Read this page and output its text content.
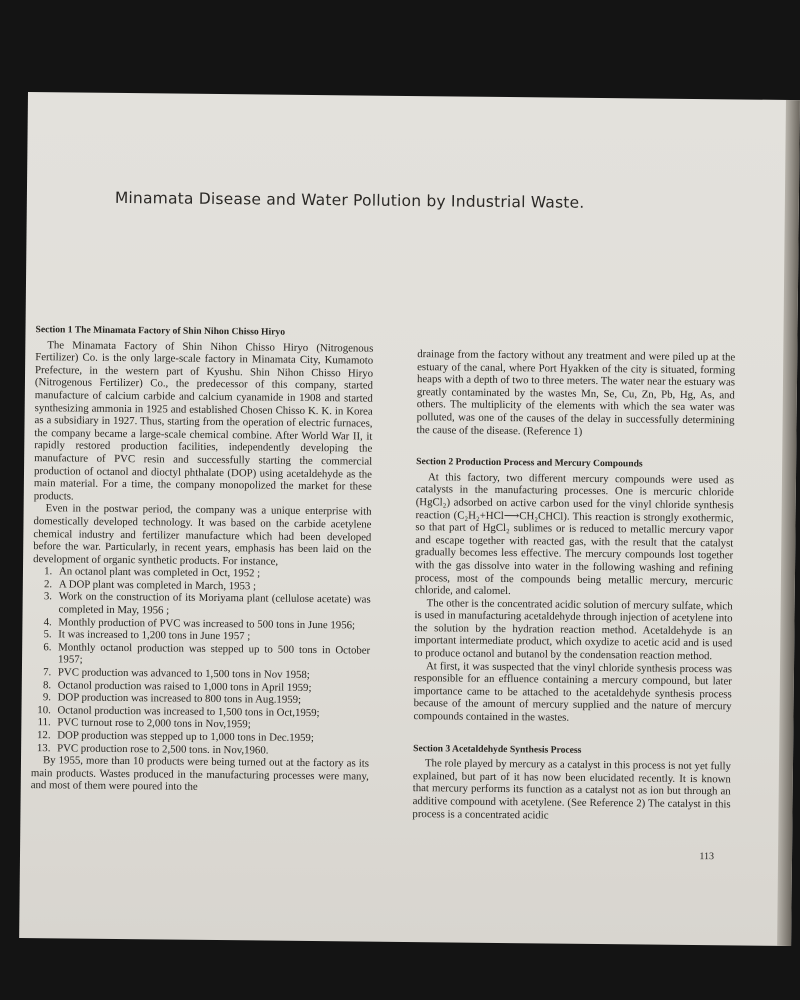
Minamata Disease and Water Pollution by Industrial Waste.
Section 1 The Minamata Factory of Shin Nihon Chisso Hiryo

The Minamata Factory of Shin Nihon Chisso Hiryo (Nitrogenous Fertilizer) Co. is the only large-scale factory in Minamata City, Kumamoto Prefecture, in the western part of Kyushu. Shin Nihon Chisso Hiryo (Nitrogenous Fertilizer) Co., the predecessor of this company, started manufacture of calcium carbide and calcium cyanamide in 1908 and started synthesizing ammonia in 1925 and established Chosen Chisso K. K. in Korea as a subsidiary in 1927. Thus, starting from the operation of electric furnaces, the company became a large-scale chemical combine. After World War II, it rapidly restored production facilities, independently developing the manufacture of PVC resin and successfully starting the commercial production of octanol and dioctyl phthalate (DOP) using acetaldehyde as the main material. For a time, the company monopolized the market for these products.

Even in the postwar period, the company was a unique enterprise with domestically developed technology. It was based on the carbide acetylene chemical industry and fertilizer manufacture which had been developed before the war. Particularly, in recent years, emphasis has been laid on the development of organic synthetic products. For instance,

1. An octanol plant was completed in Oct, 1952 ;
2. A DOP plant was completed in March, 1953 ;
3. Work on the construction of its Moriyama plant (cellulose acetate) was completed in May, 1956 ;
4. Monthly production of PVC was increased to 500 tons in June 1956;
5. It was increased to 1,200 tons in June 1957 ;
6. Monthly octanol production was stepped up to 500 tons in October 1957;
7. PVC production was advanced to 1,500 tons in Nov 1958;
8. Octanol production was raised to 1,000 tons in April 1959;
9. DOP production was increased to 800 tons in Aug.1959;
10. Octanol production was increased to 1,500 tons in Oct,1959;
11. PVC turnout rose to 2,000 tons in Nov,1959;
12. DOP production was stepped up to 1,000 tons in Dec.1959;
13. PVC production rose to 2,500 tons. in Nov,1960.

By 1955, more than 10 products were being turned out at the factory as its main products. Wastes produced in the manufacturing processes were many, and most of them were poured into the

drainage from the factory without any treatment and were piled up at the estuary of the canal, where Port Hyakken of the city is situated, forming heaps with a depth of two to three meters. The water near the estuary was greatly contaminated by the wastes Mn, Se, Cu, Zn, Pb, Hg, As, and others. The multiplicity of the elements with which the sea water was polluted, was one of the causes of the delay in successfully determining the cause of the disease. (Reference 1)

Section 2 Production Process and Mercury Compounds

At this factory, two different mercury compounds were used as catalysts in the manufacturing processes. One is mercuric chloride (HgCl₂) adsorbed on active carbon used for the vinyl chloride synthesis reaction (C₂H₂+HCl⟶CH₂CHCl). This reaction is strongly exothermic, so that part of HgCl₂ sublimes or is reduced to metallic mercury vapor and escape together with reacted gas, with the result that the catalyst gradually becomes less effective. The mercury compounds lost together with the gas dissolve into water in the following washing and refining process, most of the compounds being metallic mercury, mercuric chloride, and calomel.

The other is the concentrated acidic solution of mercury sulfate, which is used in manufacturing acetaldehyde through injection of acetylene into the solution by the hydration reaction method. Acetaldehyde is an important intermediate product, which oxydize to acetic acid and is used to produce octanol and butanol by the condensation reaction method.

At first, it was suspected that the vinyl chloride synthesis process was responsible for an effluence containing a mercury compound, but later importance came to be attached to the acetaldehyde synthesis process because of the amount of mercury supplied and the nature of mercury compounds contained in the wastes.

Section 3 Acetaldehyde Synthesis Process

The role played by mercury as a catalyst in this process is not yet fully explained, but part of it has now been elucidated recently. It is known that mercury performs its function as a catalyst not as ion but through an additive compound with acetylene. (See Reference 2) The catalyst in this process is a concentrated acidic

113
